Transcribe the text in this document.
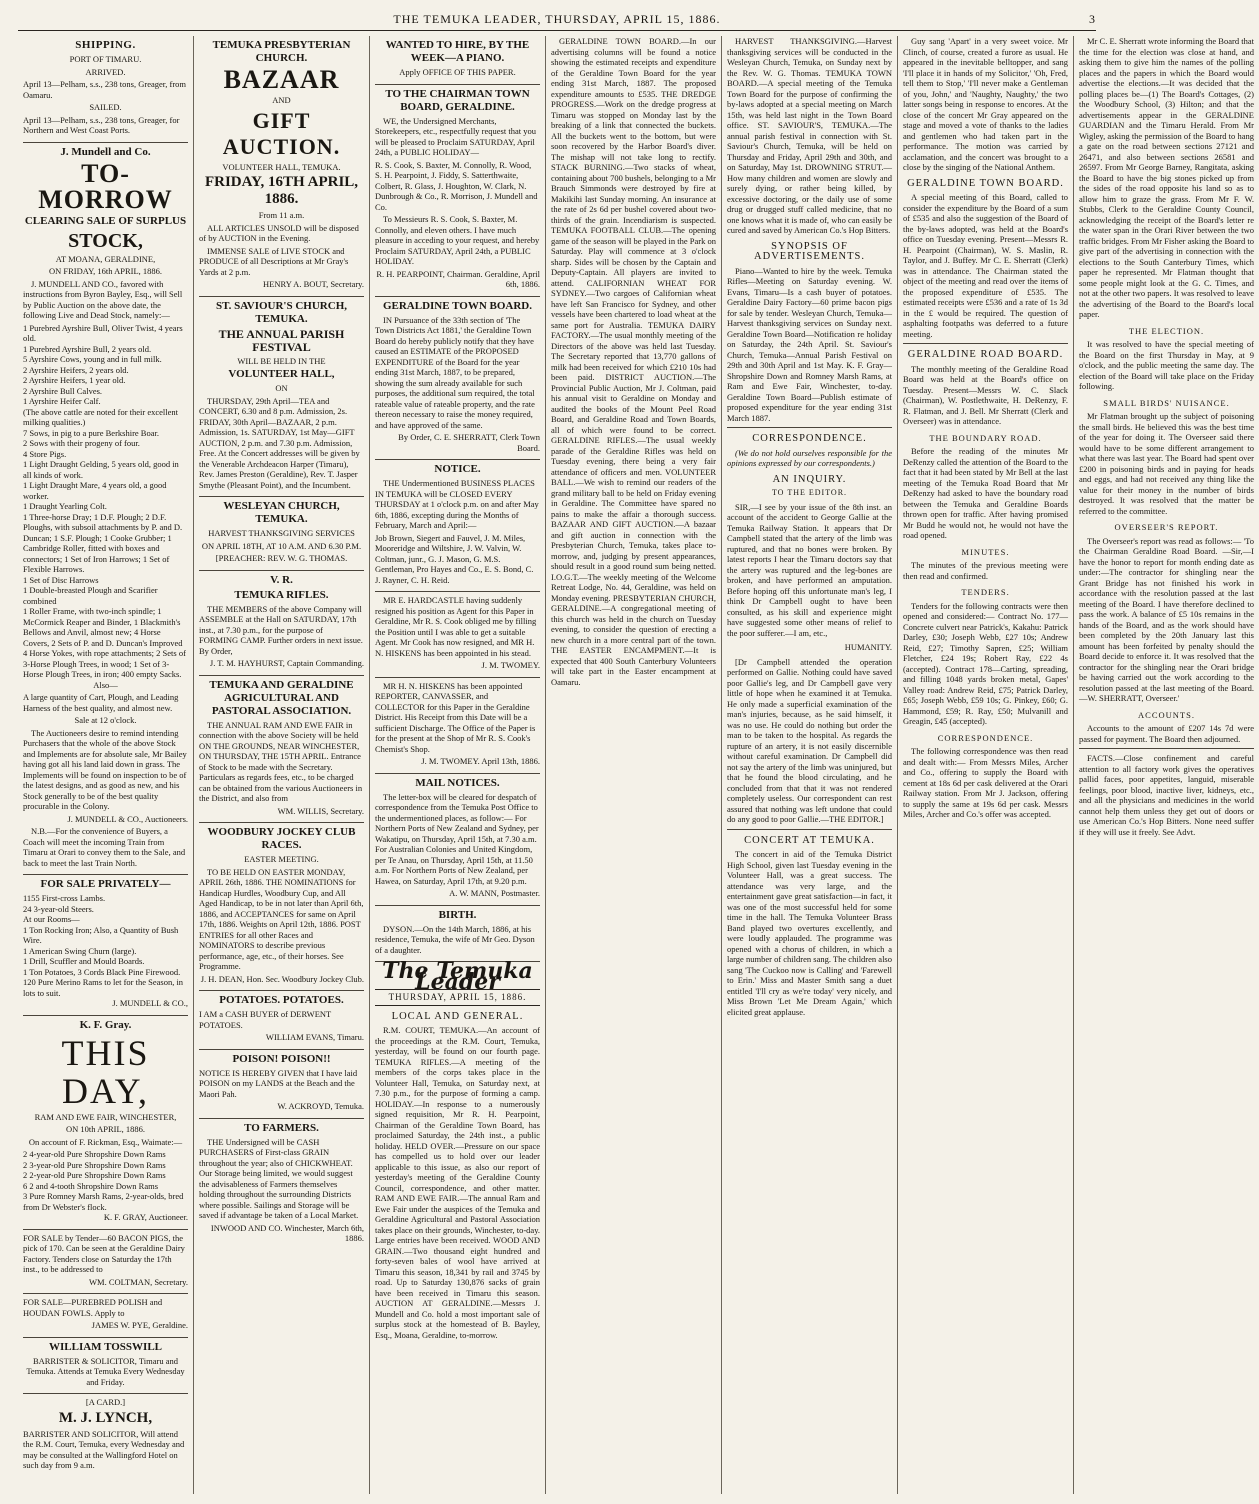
THE TEMUKA LEADER, THURSDAY, APRIL 15, 1886.	3

SHIPPING.

PORT OF TIMARU.

ARRIVED.

April 13—Pelham, s.s., 238 tons, Greager, from Oamaru.

SAILED.

April 13—Pelham, s.s., 238 tons, Greager, for Northern and West Coast Ports.

J. Mundell and Co.

TO-MORROW

CLEARING SALE OF SURPLUS

STOCK,

AT MOANA, GERALDINE,

ON FRIDAY, 16th APRIL, 1886.

J. MUNDELL AND CO., favored with instructions from Byron Bayley, Esq., will Sell by Public Auction on the above date, the following Live and Dead Stock, namely:—

1 Purebred Ayrshire Bull, Oliver Twist, 4 years old.
1 Purebred Ayrshire Bull, 2 years old.
5 Ayrshire Cows, young and in full milk.
2 Ayrshire Heifers, 2 years old.
2 Ayrshire Heifers, 1 year old.
2 Ayrshire Bull Calves.
1 Ayrshire Heifer Calf.
(The above cattle are noted for their excellent milking qualities.)
7 Sows, in pig to a pure Berkshire Boar.
2 Sows with their progeny of four.
4 Store Pigs.
1 Light Draught Gelding, 5 years old, good in all kinds of work.
1 Light Draught Mare, 4 years old, a good worker.
1 Draught Yearling Colt.
1 Three-horse Dray; 1 D.F. Plough; 2 D.F. Ploughs, with subsoil attachments by P. and D. Duncan; 1 S.F. Plough; 1 Cooke Grubber; 1 Cambridge Roller, fitted with boxes and connectors; 1 Set of Iron Harrows; 1 Set of Flexible Harrows.
1 Set of Disc Harrows
1 Double-breasted Plough and Scarifier combined
1 Roller Frame, with two-inch spindle; 1 McCormick Reaper and Binder, 1 Blackmith's Bellows and Anvil, almost new; 4 Horse Covers, 2 Sets of P. and D. Duncan's Improved 4 Horse Yokes, with rope attachments; 2 Sets of 3-Horse Plough Trees, in wood; 1 Set of 3-Horse Plough Trees, in iron; 400 empty Sacks.

Also—

A large quantity of Cart, Plough, and Leading Harness of the best quality, and almost new.

Sale at 12 o'clock.

The Auctioneers desire to remind intending Purchasers that the whole of the above Stock and Implements are for absolute sale, Mr Bailey having got all his land laid down in grass. The Implements will be found on inspection to be of the latest designs, and as good as new, and his Stock generally to be of the best quality procurable in the Colony.

J. MUNDELL & CO., Auctioneers.

N.B.—For the convenience of Buyers, a Coach will meet the incoming Train from Timaru at Orari to convey them to the Sale, and back to meet the last Train North.

FOR SALE PRIVATELY—

1155 First-cross Lambs.
24 3-year-old Steers.
At our Rooms—
1 Ton Rocking Iron; Also, a Quantity of Bush Wire.
1 American Swing Churn (large).
1 Drill, Scuffler and Mould Boards.
1 Ton Potatoes, 3 Cords Black Pine Firewood.
120 Pure Merino Rams to let for the Season, in lots to suit.

J. MUNDELL & CO.,

K. F. Gray.

THIS DAY,

RAM AND EWE FAIR, WINCHESTER,

ON 10th APRIL, 1886.

On account of F. Rickman, Esq., Waimate:—

2 4-year-old Pure Shropshire Down Rams
2 3-year-old Pure Shropshire Down Rams
2 2-year-old Pure Shropshire Down Rams
6 2 and 4-tooth Shropshire Down Rams
3 Pure Romney Marsh Rams, 2-year-olds, bred from Dr Webster's flock.

K. F. GRAY, Auctioneer.

FOR SALE by Tender—60 BACON PIGS, the pick of 170. Can be seen at the Geraldine Dairy Factory. Tenders close on Saturday the 17th inst., to be addressed to

WM. COLTMAN, Secretary.

FOR SALE—PUREBRED POLISH and HOUDAN FOWLS. Apply to

JAMES W. PYE, Geraldine.

WILLIAM TOSSWILL

BARRISTER & SOLICITOR, Timaru and Temuka. Attends at Temuka Every Wednesday and Friday.

[A CARD.]

M. J. LYNCH,

BARRISTER AND SOLICITOR, Will attend the R.M. Court, Temuka, every Wednesday and may be consulted at the Wallingford Hotel on such day from 9 a.m.

TEMUKA PRESBYTERIAN CHURCH.

BAZAAR

AND

GIFT AUCTION.

VOLUNTEER HALL, TEMUKA.

FRIDAY, 16TH APRIL, 1886.

From 11 a.m.

ALL ARTICLES UNSOLD will be disposed of by AUCTION in the Evening.

IMMENSE SALE of LIVE STOCK and PRODUCE of all Descriptions at Mr Gray's Yards at 2 p.m.

HENRY A. BOUT, Secretary.

ST. SAVIOUR'S CHURCH, TEMUKA.

THE ANNUAL PARISH FESTIVAL

WILL BE HELD IN THE

VOLUNTEER HALL,

ON

THURSDAY, 29th April—TEA and CONCERT, 6.30 and 8 p.m. Admission, 2s. FRIDAY, 30th April—BAZAAR, 2 p.m. Admission, 1s. SATURDAY, 1st May—GIFT AUCTION, 2 p.m. and 7.30 p.m. Admission, Free. At the Concert addresses will be given by the Venerable Archdeacon Harper (Timaru), Rev. James Preston (Geraldine), Rev. T. Jasper Smythe (Pleasant Point), and the Incumbent.

WESLEYAN CHURCH, TEMUKA.

HARVEST THANKSGIVING SERVICES

ON APRIL 18TH, AT 10 A.M. AND 6.30 P.M.

[PREACHER: REV. W. G. THOMAS.

V. R.

TEMUKA RIFLES.

THE MEMBERS of the above Company will ASSEMBLE at the Hall on SATURDAY, 17th inst., at 7.30 p.m., for the purpose of FORMING CAMP. Further orders in next issue. By Order,

J. T. M. HAYHURST, Captain Commanding.

TEMUKA AND GERALDINE AGRICULTURAL AND PASTORAL ASSOCIATION.

THE ANNUAL RAM AND EWE FAIR in connection with the above Society will be held ON THE GROUNDS, NEAR WINCHESTER, ON THURSDAY, THE 15TH APRIL. Entrance of Stock to be made with the Secretary. Particulars as regards fees, etc., to be charged can be obtained from the various Auctioneers in the District, and also from

WM. WILLIS, Secretary.

WOODBURY JOCKEY CLUB RACES.

EASTER MEETING.

TO BE HELD ON EASTER MONDAY, APRIL 26th, 1886. THE NOMINATIONS for Handicap Hurdles, Woodbury Cup, and All Aged Handicap, to be in not later than April 6th, 1886, and ACCEPTANCES for same on April 17th, 1886. Weights on April 12th, 1886. POST ENTRIES for all other Races and NOMINATORS to describe previous performance, age, etc., of their horses. See Programme.

J. H. DEAN, Hon. Sec. Woodbury Jockey Club.

POTATOES. POTATOES.

I AM a CASH BUYER of DERWENT POTATOES.

WILLIAM EVANS, Timaru.

POISON! POISON!!

NOTICE IS HEREBY GIVEN that I have laid POISON on my LANDS at the Beach and the Maori Pah.

W. ACKROYD, Temuka.

TO FARMERS.

THE Undersigned will be CASH PURCHASERS of First-class GRAIN throughout the year; also of CHICKWHEAT. Our Storage being limited, we would suggest the advisableness of Farmers themselves holding throughout the surrounding Districts where possible. Sailings and Storage will be saved if advantage be taken of a Local Market.

INWOOD AND CO. Winchester, March 6th, 1886.

WANTED TO HIRE, BY THE WEEK—A PIANO.

Apply OFFICE OF THIS PAPER.

TO THE CHAIRMAN TOWN BOARD, GERALDINE.

WE, the Undersigned Merchants, Storekeepers, etc., respectfully request that you will be pleased to Proclaim SATURDAY, April 24th, a PUBLIC HOLIDAY—

R. S. Cook, S. Baxter, M. Connolly, R. Wood, S. H. Pearpoint, J. Fiddy, S. Satterthwaite, Colbert, R. Glass, J. Houghton, W. Clark, N. Dunbrough & Co., R. Morrison, J. Mundell and Co.

To Messieurs R. S. Cook, S. Baxter, M. Connolly, and eleven others. I have much pleasure in acceding to your request, and hereby Proclaim SATURDAY, April 24th, a PUBLIC HOLIDAY.

R. H. PEARPOINT, Chairman. Geraldine, April 6th, 1886.

GERALDINE TOWN BOARD.

IN Pursuance of the 33th section of 'The Town Districts Act 1881,' the Geraldine Town Board do hereby publicly notify that they have caused an ESTIMATE of the PROPOSED EXPENDITURE of the Board for the year ending 31st March, 1887, to be prepared, showing the sum already available for such purposes, the additional sum required, the total rateable value of rateable property, and the rate thereon necessary to raise the money required, and have approved of the same.

By Order, C. E. SHERRATT, Clerk Town Board.

NOTICE.

THE Undermentioned BUSINESS PLACES IN TEMUKA will be CLOSED EVERY THURSDAY at 1 o'clock p.m. on and after May 6th, 1886, excepting during the Months of February, March and April:—

Job Brown, Siegert and Fauvel, J. M. Miles, Mooreridge and Wiltshire, J. W. Valvin, W. Coltman, junr., G. J. Mason, G. M.S. Gentleman, Pro Hayes and Co., E. S. Bond, C. J. Rayner, C. H. Reid.

MR E. HARDCASTLE having suddenly resigned his position as Agent for this Paper in Geraldine, Mr R. S. Cook obliged me by filling the Position until I was able to get a suitable Agent. Mr Cook has now resigned, and MR H. N. HISKENS has been appointed in his stead.

J. M. TWOMEY.

MR H. N. HISKENS has been appointed REPORTER, CANVASSER, and COLLECTOR for this Paper in the Geraldine District. His Receipt from this Date will be a sufficient Discharge. The Office of the Paper is for the present at the Shop of Mr R. S. Cook's Chemist's Shop.

J. M. TWOMEY. April 13th, 1886.

MAIL NOTICES.

The letter-box will be cleared for despatch of correspondence from the Temuka Post Office to the undermentioned places, as follow:— For Northern Ports of New Zealand and Sydney, per Wakatipu, on Thursday, April 15th, at 7.30 a.m. For Australian Colonies and United Kingdom, per Te Anau, on Thursday, April 15th, at 11.50 a.m. For Northern Ports of New Zealand, per Hawea, on Saturday, April 17th, at 9.20 p.m.

A. W. MANN, Postmaster.

BIRTH.

DYSON.—On the 14th March, 1886, at his residence, Temuka, the wife of Mr Geo. Dyson of a daughter.

The Temuka Leader
THURSDAY, APRIL 15, 1886.
LOCAL AND GENERAL.

R.M. COURT, TEMUKA.—An account of the proceedings at the R.M. Court, Temuka, yesterday, will be found on our fourth page. TEMUKA RIFLES.—A meeting of the members of the corps takes place in the Volunteer Hall, Temuka, on Saturday next, at 7.30 p.m., for the purpose of forming a camp. HOLIDAY.—In response to a numerously signed requisition, Mr R. H. Pearpoint, Chairman of the Geraldine Town Board, has proclaimed Saturday, the 24th inst., a public holiday. HELD OVER.—Pressure on our space has compelled us to hold over our leader applicable to this issue, as also our report of yesterday's meeting of the Geraldine County Council, correspondence, and other matter. RAM AND EWE FAIR.—The annual Ram and Ewe Fair under the auspices of the Temuka and Geraldine Agricultural and Pastoral Association takes place on their grounds, Winchester, to-day. Large entries have been received. WOOD AND GRAIN.—Two thousand eight hundred and forty-seven bales of wool have arrived at Timaru this season, 18,341 by rail and 3745 by road. Up to Saturday 130,876 sacks of grain have been received in Timaru this season. AUCTION AT GERALDINE.—Messrs J. Mundell and Co. hold a most important sale of surplus stock at the homestead of B. Bayley, Esq., Moana, Geraldine, to-morrow.

GERALDINE TOWN BOARD.—In our advertising columns will be found a notice showing the estimated receipts and expenditure of the Geraldine Town Board for the year ending 31st March, 1887. The proposed expenditure amounts to £535. THE DREDGE PROGRESS.—Work on the dredge progress at Timaru was stopped on Monday last by the breaking of a link that connected the buckets. All the buckets went to the bottom, but were soon recovered by the Harbor Board's diver. The mishap will not take long to rectify. STACK BURNING.—Two stacks of wheat, containing about 700 bushels, belonging to a Mr Brauch Simmonds were destroyed by fire at Makikihi last Sunday morning. An insurance at the rate of 2s 6d per bushel covered about two-thirds of the grain. Incendiarism is suspected. TEMUKA FOOTBALL CLUB.—The opening game of the season will be played in the Park on Saturday. Play will commence at 3 o'clock sharp. Sides will be chosen by the Captain and Deputy-Captain. All players are invited to attend. CALIFORNIAN WHEAT FOR SYDNEY.—Two cargoes of Californian wheat have left San Francisco for Sydney, and other vessels have been chartered to load wheat at the same port for Australia. TEMUKA DAIRY FACTORY.—The usual monthly meeting of the Directors of the above was held last Tuesday. The Secretary reported that 13,770 gallons of milk had been received for which £210 10s had been paid. DISTRICT AUCTION.—The Provincial Public Auction, Mr J. Coltman, paid his annual visit to Geraldine on Monday and audited the books of the Mount Peel Road Board, and Geraldine Road and Town Boards, all of which were found to be correct. GERALDINE RIFLES.—The usual weekly parade of the Geraldine Rifles was held on Tuesday evening, there being a very fair attendance of officers and men. VOLUNTEER BALL.—We wish to remind our readers of the grand military ball to be held on Friday evening in Geraldine. The Committee have spared no pains to make the affair a thorough success. BAZAAR AND GIFT AUCTION.—A bazaar and gift auction in connection with the Presbyterian Church, Temuka, takes place to-morrow, and, judging by present appearances, should result in a good round sum being netted. I.O.G.T.—The weekly meeting of the Welcome Retreat Lodge, No. 44, Geraldine, was held on Monday evening. PRESBYTERIAN CHURCH, GERALDINE.—A congregational meeting of this church was held in the church on Tuesday evening, to consider the question of erecting a new church in a more central part of the town. THE EASTER ENCAMPMENT.—It is expected that 400 South Canterbury Volunteers will take part in the Easter encampment at Oamaru.

HARVEST THANKSGIVING.—Harvest thanksgiving services will be conducted in the Wesleyan Church, Temuka, on Sunday next by the Rev. W. G. Thomas. TEMUKA TOWN BOARD.—A special meeting of the Temuka Town Board for the purpose of confirming the by-laws adopted at a special meeting on March 15th, was held last night in the Town Board office. ST. SAVIOUR'S, TEMUKA.—The annual parish festival in connection with St. Saviour's Church, Temuka, will be held on Thursday and Friday, April 29th and 30th, and on Saturday, May 1st. DROWNING STRUT.—How many children and women are slowly and surely dying, or rather being killed, by excessive doctoring, or the daily use of some drug or drugged stuff called medicine, that no one knows what it is made of, who can easily be cured and saved by American Co.'s Hop Bitters.

SYNOPSIS OF ADVERTISEMENTS.

Piano—Wanted to hire by the week. Temuka Rifles—Meeting on Saturday evening. W. Evans, Timaru—Is a cash buyer of potatoes. Geraldine Dairy Factory—60 prime bacon pigs for sale by tender. Wesleyan Church, Temuka—Harvest thanksgiving services on Sunday next. Geraldine Town Board—Notification re holiday on Saturday, the 24th April. St. Saviour's Church, Temuka—Annual Parish Festival on 29th and 30th April and 1st May. K. F. Gray—Shropshire Down and Romney Marsh Rams, at Ram and Ewe Fair, Winchester, to-day. Geraldine Town Board—Publish estimate of proposed expenditure for the year ending 31st March 1887.

CORRESPONDENCE.

(We do not hold ourselves responsible for the opinions expressed by our correspondents.)

AN INQUIRY.
TO THE EDITOR.

SIR,—I see by your issue of the 8th inst. an account of the accident to George Gallie at the Temuka Railway Station. It appears that Dr Campbell stated that the artery of the limb was ruptured, and that no bones were broken. By latest reports I hear the Timaru doctors say that the artery was ruptured and the leg-bones are broken, and have performed an amputation. Before hoping off this unfortunate man's leg, I think Dr Campbell ought to have been consulted, as his skill and experience might have suggested some other means of relief to the poor sufferer.—I am, etc.,

HUMANITY.

[Dr Campbell attended the operation performed on Gallie. Nothing could have saved poor Gallie's leg, and Dr Campbell gave very little of hope when he examined it at Temuka. He only made a superficial examination of the man's injuries, because, as he said himself, it was no use. He could do nothing but order the man to be taken to the hospital. As regards the rupture of an artery, it is not easily discernible without careful examination. Dr Campbell did not say the artery of the limb was uninjured, but that he found the blood circulating, and he concluded from that that it was not rendered completely useless. Our correspondent can rest assured that nothing was left undone that could do any good to poor Gallie.—THE EDITOR.]

CONCERT AT TEMUKA.

The concert in aid of the Temuka District High School, given last Tuesday evening in the Volunteer Hall, was a great success. The attendance was very large, and the entertainment gave great satisfaction—in fact, it was one of the most successful held for some time in the hall. The Temuka Volunteer Brass Band played two overtures excellently, and were loudly applauded. The programme was opened with a chorus of children, in which a large number of children sang. The children also sang 'The Cuckoo now is Calling' and 'Farewell to Erin.' Miss and Master Smith sang a duet entitled 'I'll cry as we're today' very nicely, and Miss Brown 'Let Me Dream Again,' which elicited great applause.

Guy sang 'Apart' in a very sweet voice. Mr Clinch, of course, created a furore as usual. He appeared in the inevitable belltopper, and sang 'I'll place it in hands of my Solicitor,' 'Oh, Fred, tell them to Stop,' 'I'll never make a Gentleman of you, John,' and 'Naughty, Naughty,' the two latter songs being in response to encores. At the close of the concert Mr Gray appeared on the stage and moved a vote of thanks to the ladies and gentlemen who had taken part in the performance. The motion was carried by acclamation, and the concert was brought to a close by the singing of the National Anthem.

GERALDINE TOWN BOARD.

A special meeting of this Board, called to consider the expenditure by the Board of a sum of £535 and also the suggestion of the Board of the by-laws adopted, was held at the Board's office on Tuesday evening. Present—Messrs R. H. Pearpoint (Chairman), W. S. Maslin, R. Taylor, and J. Buffey. Mr C. E. Sherratt (Clerk) was in attendance. The Chairman stated the object of the meeting and read over the items of the proposed expenditure of £535. The estimated receipts were £536 and a rate of 1s 3d in the £ would be required. The question of asphalting footpaths was deferred to a future meeting.

GERALDINE ROAD BOARD.

The monthly meeting of the Geraldine Road Board was held at the Board's office on Tuesday. Present—Messrs W. C. Slack (Chairman), W. Postlethwaite, H. DeRenzy, F. R. Flatman, and J. Bell. Mr Sherratt (Clerk and Overseer) was in attendance.

THE BOUNDARY ROAD.

Before the reading of the minutes Mr DeRenzy called the attention of the Board to the fact that it had been stated by Mr Bell at the last meeting of the Temuka Road Board that Mr DeRenzy had asked to have the boundary road between the Temuka and Geraldine Boards thrown open for traffic. After having promised Mr Budd he would not, he would not have the road opened.

MINUTES.

The minutes of the previous meeting were then read and confirmed.

TENDERS.

Tenders for the following contracts were then opened and considered:— Contract No. 177—Concrete culvert near Patrick's, Kakahu: Patrick Darley, £30; Joseph Webb, £27 10s; Andrew Reid, £27; Timothy Sapren, £25; William Fletcher, £24 19s; Robert Ray, £22 4s (accepted). Contract 178—Carting, spreading, and filling 1048 yards broken metal, Gapes' Valley road: Andrew Reid, £75; Patrick Darley, £65; Joseph Webb, £59 10s; G. Pinkey, £60; G. Hammond, £59; R. Ray, £50; Mulvanill and Greagin, £45 (accepted).

CORRESPONDENCE.

The following correspondence was then read and dealt with:— From Messrs Miles, Archer and Co., offering to supply the Board with cement at 18s 6d per cask delivered at the Orari Railway station. From Mr J. Jackson, offering to supply the same at 19s 6d per cask. Messrs Miles, Archer and Co.'s offer was accepted.

Mr C. E. Sherratt wrote informing the Board that the time for the election was close at hand, and asking them to give him the names of the polling places and the papers in which the Board would advertise the elections.—It was decided that the polling places be—(1) The Board's Cottages, (2) the Woodbury School, (3) Hilton; and that the advertisements appear in the GERALDINE GUARDIAN and the Timaru Herald. From Mr Wigley, asking the permission of the Board to hang a gate on the road between sections 27121 and 26471, and also between sections 26581 and 26597. From Mr George Barney, Rangitata, asking the Board to have the big stones picked up from the sides of the road opposite his land so as to allow him to graze the grass. From Mr F. W. Stubbs, Clerk to the Geraldine County Council, acknowledging the receipt of the Board's letter re the water span in the Orari River between the two traffic bridges. From Mr Fisher asking the Board to give part of the advertising in connection with the elections to the South Canterbury Times, which paper he represented. Mr Flatman thought that some people might look at the G. C. Times, and not at the other two papers. It was resolved to leave the advertising of the Board to the Board's local paper.

THE ELECTION.

It was resolved to have the special meeting of the Board on the first Thursday in May, at 9 o'clock, and the public meeting the same day. The election of the Board will take place on the Friday following.

SMALL BIRDS' NUISANCE.

Mr Flatman brought up the subject of poisoning the small birds. He believed this was the best time of the year for doing it. The Overseer said there would have to be some different arrangement to what there was last year. The Board had spent over £200 in poisoning birds and in paying for heads and eggs, and had not received any thing like the value for their money in the number of birds destroyed. It was resolved that the matter be referred to the committee.

OVERSEER'S REPORT.

The Overseer's report was read as follows:— 'To the Chairman Geraldine Road Board. —Sir,—I have the honor to report for month ending date as under:—The contractor for shingling near the Grant Bridge has not finished his work in accordance with the resolution passed at the last meeting of the Board. I have therefore declined to pass the work. A balance of £5 10s remains in the hands of the Board, and as the work should have been completed by the 20th January last this amount has been forfeited by penalty should the Board decide to enforce it. It was resolved that the contractor for the shingling near the Orari bridge be having carried out the work according to the resolution passed at the last meeting of the Board. —W. SHERRATT, Overseer.'

ACCOUNTS.

Accounts to the amount of £207 14s 7d were passed for payment. The Board then adjourned.

FACTS.—Close confinement and careful attention to all factory work gives the operatives pallid faces, poor appetites, languid, miserable feelings, poor blood, inactive liver, kidneys, etc., and all the physicians and medicines in the world cannot help them unless they get out of doors or use American Co.'s Hop Bitters. None need suffer if they will use it freely. See Advt.
